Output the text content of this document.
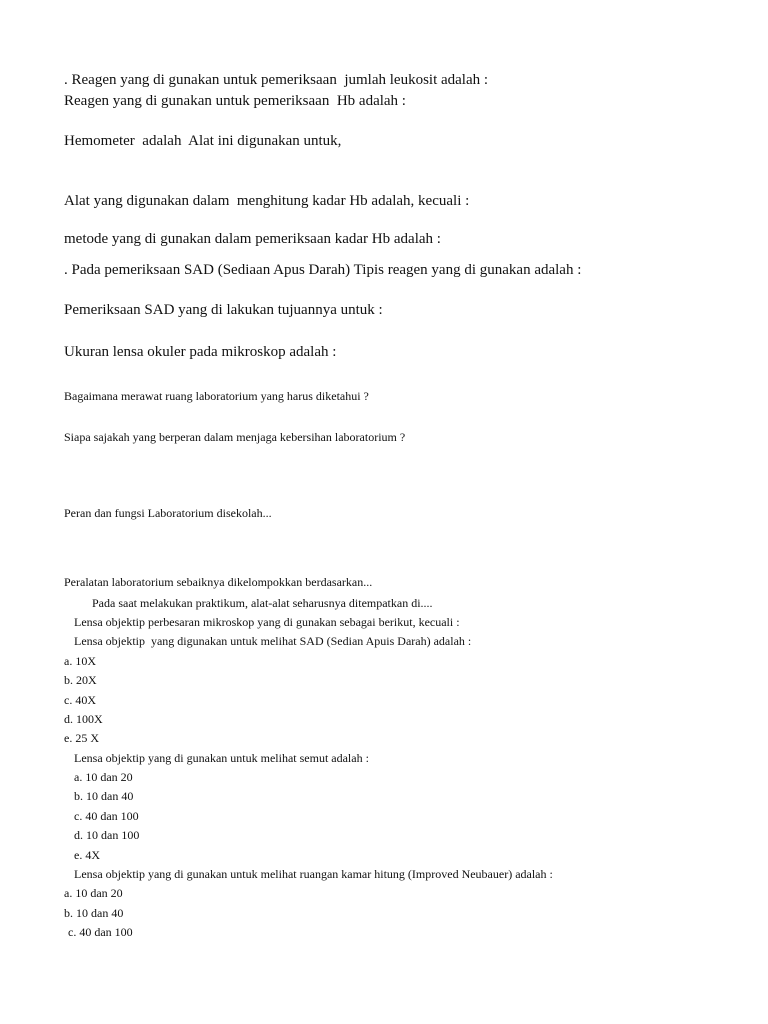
. Reagen yang di gunakan untuk pemeriksaan  jumlah leukosit adalah :

Reagen yang di gunakan untuk pemeriksaan  Hb adalah :

Hemometer  adalah  Alat ini digunakan untuk,

Alat yang digunakan dalam  menghitung kadar Hb adalah, kecuali :

metode yang di gunakan dalam pemeriksaan kadar Hb adalah :

. Pada pemeriksaan SAD (Sediaan Apus Darah) Tipis reagen yang di gunakan adalah :

Pemeriksaan SAD yang di lakukan tujuannya untuk :

Ukuran lensa okuler pada mikroskop adalah :

Bagaimana merawat ruang laboratorium yang harus diketahui ?

Siapa sajakah yang berperan dalam menjaga kebersihan laboratorium ?

Peran dan fungsi Laboratorium disekolah...

Peralatan laboratorium sebaiknya dikelompokkan berdasarkan...

Pada saat melakukan praktikum, alat-alat seharusnya ditempatkan di....

Lensa objektip perbesaran mikroskop yang di gunakan sebagai berikut, kecuali :

Lensa objektip  yang digunakan untuk melihat SAD (Sedian Apuis Darah) adalah :

a. 10X

b. 20X

c. 40X

d. 100X

e. 25 X

Lensa objektip yang di gunakan untuk melihat semut adalah :

a. 10 dan 20

b. 10 dan 40

c. 40 dan 100

d. 10 dan 100

e. 4X

Lensa objektip yang di gunakan untuk melihat ruangan kamar hitung (Improved Neubauer) adalah :

a. 10 dan 20

b. 10 dan 40

c. 40 dan 100
